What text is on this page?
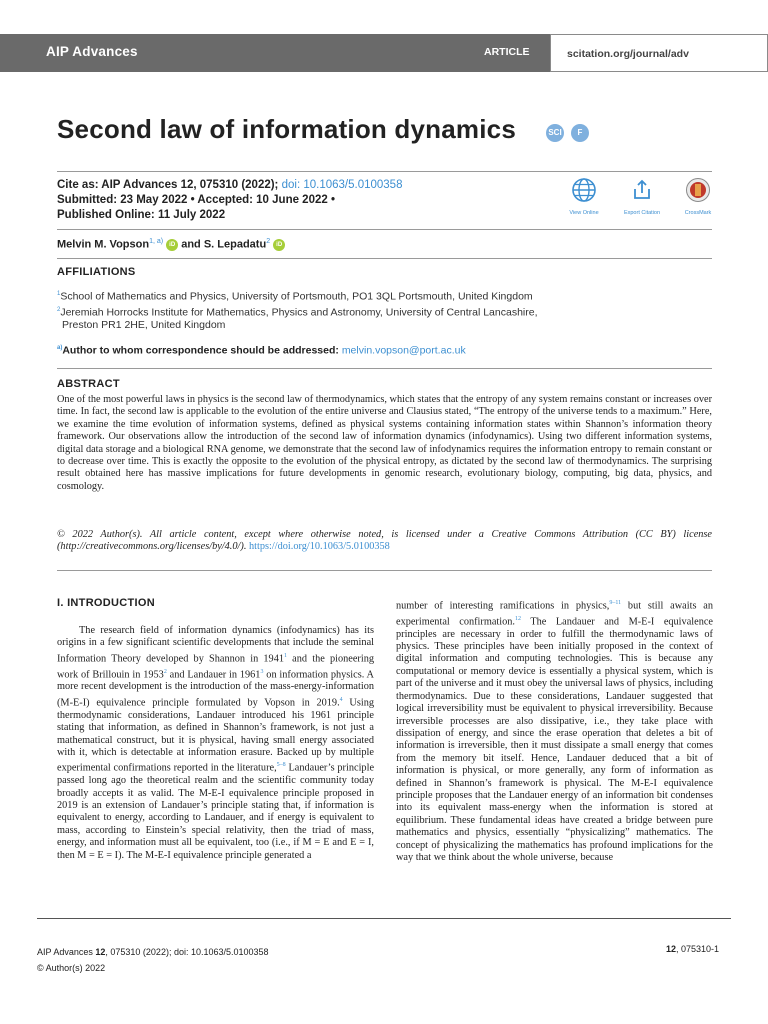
AIP Advances	ARTICLE	scitation.org/journal/adv
Second law of information dynamics	SCI	F
Cite as: AIP Advances 12, 075310 (2022); doi: 10.1063/5.0100358
Submitted: 23 May 2022 • Accepted: 10 June 2022 •
Published Online: 11 July 2022	View Online	Export Citation	CrossMark
Melvin M. Vopson$^{1, a)}$ iD and S. Lepadatu$^2$ iD
AFFILIATIONS
$^1$School of Mathematics and Physics, University of Portsmouth, PO1 3QL Portsmouth, United Kingdom
$^2$Jeremiah Horrocks Institute for Mathematics, Physics and Astronomy, University of Central Lancashire,
Preston PR1 2HE, United Kingdom
$^{a)}$Author to whom correspondence should be addressed: melvin.vopson@port.ac.uk
ABSTRACT
One of the most powerful laws in physics is the second law of thermodynamics, which states that the entropy of any system remains constant or increases over time. In fact, the second law is applicable to the evolution of the entire universe and Clausius stated, “The entropy of the universe tends to a maximum.” Here, we examine the time evolution of information systems, defined as physical systems containing information states within Shannon’s information theory framework. Our observations allow the introduction of the second law of information dynamics (infodynamics). Using two different information systems, digital data storage and a biological RNA genome, we demonstrate that the second law of infodynamics requires the information entropy to remain constant or to decrease over time. This is exactly the opposite to the evolution of the physical entropy, as dictated by the second law of thermodynamics. The surprising result obtained here has massive implications for future developments in genomic research, evolutionary biology, computing, big data, physics, and cosmology.
© 2022 Author(s). All article content, except where otherwise noted, is licensed under a Creative Commons Attribution (CC BY) license (http://creativecommons.org/licenses/by/4.0/). https://doi.org/10.1063/5.0100358
I. INTRODUCTION
The research field of information dynamics (infodynamics) has its origins in a few significant scientific developments that include the seminal Information Theory developed by Shannon in 1941$^1$ and the pioneering work of Brillouin in 1953$^2$ and Landauer in 1961$^3$ on information physics. A more recent development is the introduction of the mass-energy-information (M-E-I) equivalence principle formulated by Vopson in 2019.$^4$ Using thermodynamic considerations, Landauer introduced his 1961 principle stating that information, as defined in Shannon’s framework, is not just a mathematical construct, but it is physical, having small energy associated with it, which is detectable at information erasure. Backed up by multiple experimental confirmations reported in the literature,$^{5-8}$ Landauer’s principle passed long ago the theoretical realm and the scientific community today broadly accepts it as valid. The M-E-I equivalence principle proposed in 2019 is an extension of Landauer’s principle stating that, if information is equivalent to energy, according to Landauer, and if energy is equivalent to mass, according to Einstein’s special relativity, then the triad of mass, energy, and information must all be equivalent, too (i.e., if M = E and E = I, then M = E = I). The M-E-I equivalence principle generated a
number of interesting ramifications in physics,$^{9-11}$ but still awaits an experimental confirmation.$^{12}$ The Landauer and M-E-I equivalence principles are necessary in order to fulfill the thermodynamic laws of physics. These principles have been initially proposed in the context of digital information and computing technologies. This is because any computational or memory device is essentially a physical system, which is part of the universe and it must obey the universal laws of physics, including thermodynamics. Due to these considerations, Landauer suggested that logical irreversibility must be equivalent to physical irreversibility. Because irreversible processes are also dissipative, i.e., they take place with dissipation of energy, and since the erase operation that deletes a bit of information is irreversible, then it must dissipate a small energy that comes from the memory bit itself. Hence, Landauer deduced that a bit of information is physical, or more generally, any form of information as defined in Shannon’s framework is physical. The M-E-I equivalence principle proposes that the Landauer energy of an information bit condenses into its equivalent mass-energy when the information is stored at equilibrium. These fundamental ideas have created a bridge between pure mathematics and physics, essentially “physicalizing” mathematics. The concept of physicalizing the mathematics has profound implications for the way that we think about the whole universe, because
AIP Advances 12, 075310 (2022); doi: 10.1063/5.0100358
© Author(s) 2022
12, 075310-1
